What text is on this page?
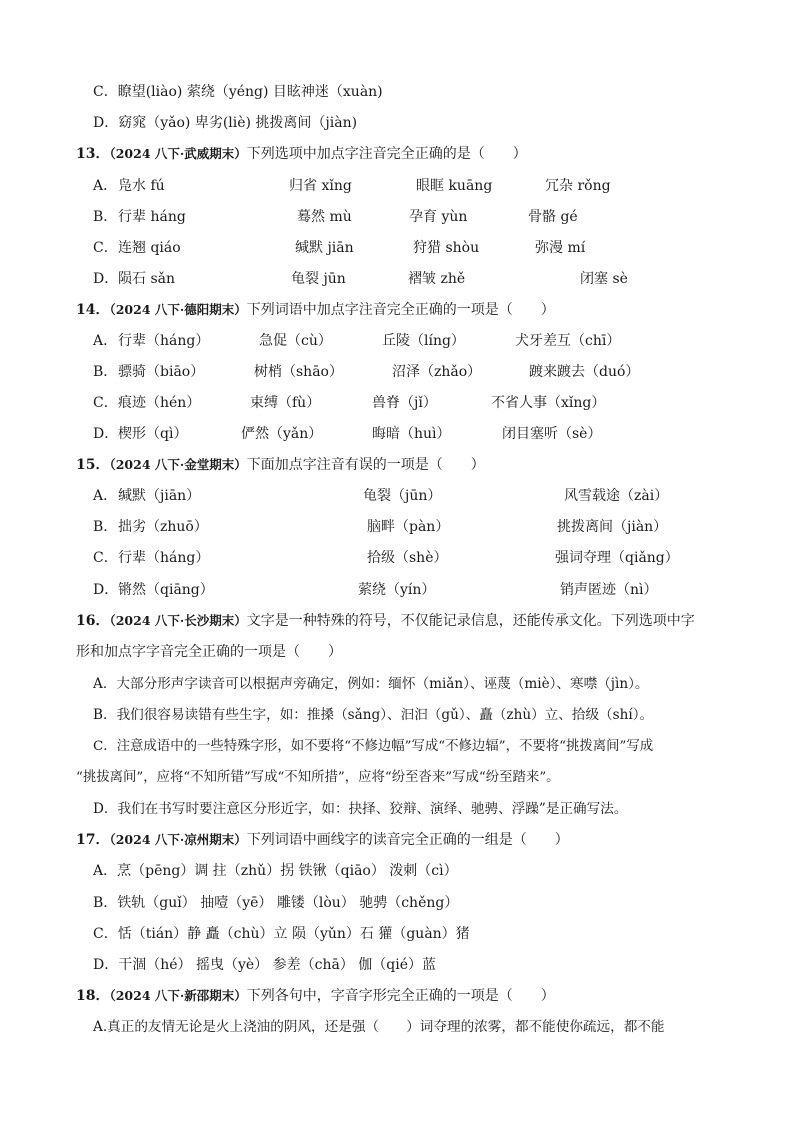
C．瞭望(liào) 萦绕（yéng) 目眩神迷（xuàn)
D．窈窕（yǎo) 卑劣(liè) 挑拨离间（jiàn)
13．（2024 八下·武威期末）下列选项中加点字注音完全正确的是（　　）
A． 凫水 fú	归省 xǐng	眼眶 kuāng	冗杂 rǒng
B． 行辈 háng	蓦然 mù	孕育 yùn	骨骼 gé
C． 连翘 qiáo	缄默 jiān	狩猎 shòu	弥漫 mí
D． 陨石 sǎn	龟裂 jūn	褶皱 zhě	闭塞 sè
14．（2024 八下·德阳期末）下列词语中加点字注音完全正确的一项是（　　）
A． 行辈（háng）	急促（cù）	丘陵（líng）	犬牙差互（chī）
B． 骠骑（biāo）	树梢（shāo）	沼泽（zhǎo）	踱来踱去（duó）
C． 痕迹（hén）	束缚（fù）	兽脊（jǐ）	不省人事（xǐng）
D． 楔形（qì）	俨然（yǎn）	晦暗（huì）	闭目塞听（sè）
15．（2024 八下·金堂期末）下面加点字注音有误的一项是（　　）
A． 缄默（jiān）	龟裂（jūn）	风雪载途（zài）
B． 拙劣（zhuō）	脑畔（pàn）	挑拨离间（jiàn）
C． 行辈（háng）	拾级（shè）	强词夺理（qiǎng）
D． 锵然（qiāng）	萦绕（yín）	销声匿迹（nì）
16．（2024 八下·长沙期末）文字是一种特殊的符号，不仅能记录信息，还能传承文化。下列选项中字
形和加点字字音完全正确的一项是（　　）
A．大部分形声字读音可以根据声旁确定，例如：缅怀（miǎn）、诬蔑（miè）、寒噤（jìn）。
B．我们很容易读错有些生字，如：推搡（sǎng）、汩汩（gǔ）、矗（zhù）立、拾级（shí）。
C．注意成语中的一些特殊字形，如不要将“不修边幅”写成“不修边辐”，不要将“挑拨离间”写成
“挑拔离间”，应将“不知所错”写成“不知所措”，应将“纷至沓来”写成“纷至踏来”。
D．我们在书写时要注意区分形近字，如：抉择、狡辩、演绎、驰骋、浮躁”是正确写法。
17．（2024 八下·凉州期末）下列词语中画线字的读音完全正确的一组是（　　）
A．烹（pēng）调 拄（zhǔ）拐 铁锹（qiāo） 泼刺（cì）
B．铁轨（guǐ） 抽噎（yē） 雕镂（lòu） 驰骋（chěng）
C．恬（tián）静 矗（chù）立 陨（yǔn）石 獾（guàn）猪
D．干涸（hé） 摇曳（yè） 参差（chā） 伽（qié）蓝
18．（2024 八下·新邵期末）下列各句中，字音字形完全正确的一项是（　　）
A.真正的友情无论是火上浇油的阴风，还是强（　　）词夺理的浓雾，都不能使你疏远，都不能
